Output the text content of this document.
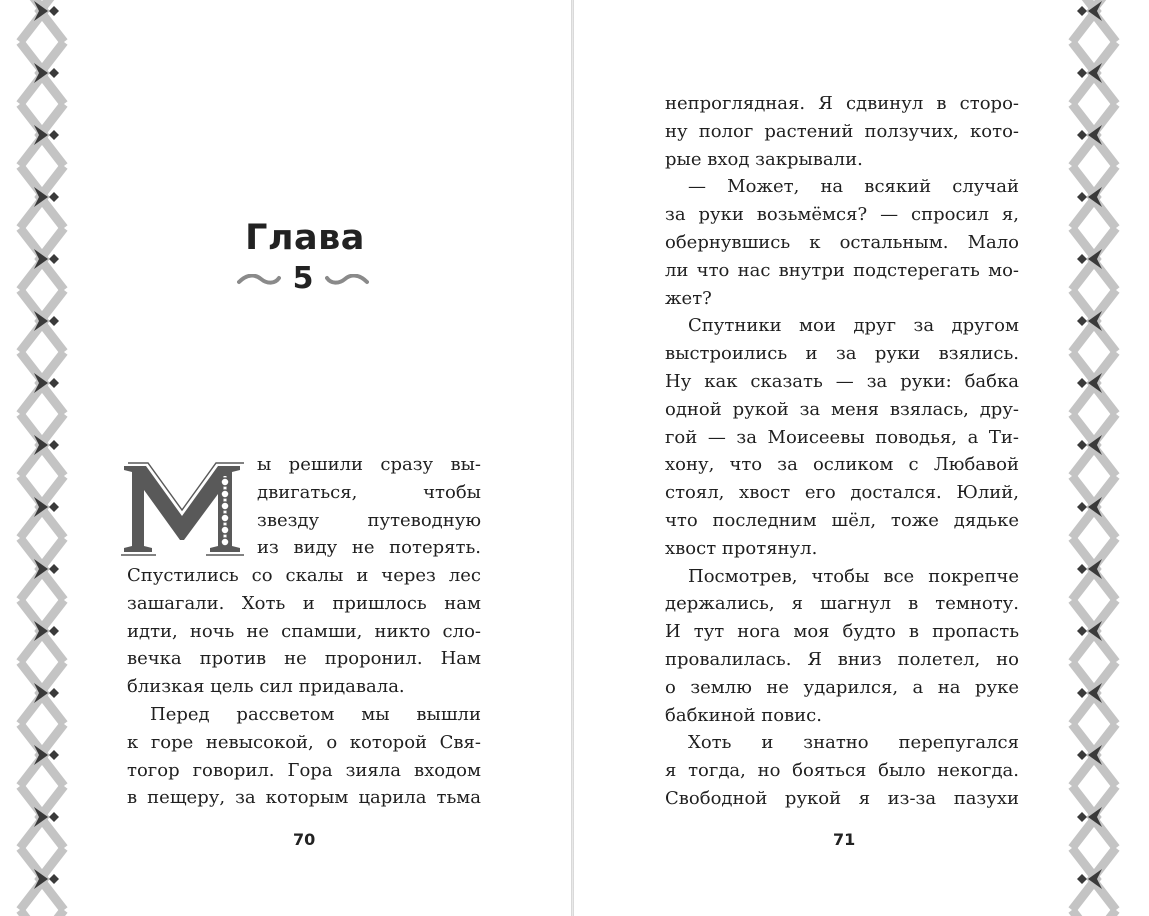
Глава
5
М	ы решили сразу вы-
двигаться, чтобы
звезду путеводную
из виду не потерять.
Спустились со скалы и через лес
зашагали. Хоть и пришлось нам
идти, ночь не спамши, никто сло-
вечка против не проронил. Нам
близкая цель сил придавала.
Перед рассветом мы вышли
к горе невысокой, о которой Свя-
тогор говорил. Гора зияла входом
в пещеру, за которым царила тьма
70
непроглядная. Я сдвинул в сторо-
ну полог растений ползучих, кото-
рые вход закрывали.
— Может, на всякий случай
за руки возьмёмся? — спросил я,
обернувшись к остальным. Мало
ли что нас внутри подстерегать мо-
жет?
Спутники мои друг за другом
выстроились и за руки взялись.
Ну как сказать — за руки: бабка
одной рукой за меня взялась, дру-
гой — за Моисеевы поводья, а Ти-
хону, что за осликом с Любавой
стоял, хвост его достался. Юлий,
что последним шёл, тоже дядьке
хвост протянул.
Посмотрев, чтобы все покрепче
держались, я шагнул в темноту.
И тут нога моя будто в пропасть
провалилась. Я вниз полетел, но
о землю не ударился, а на руке
бабкиной повис.
Хоть и знатно перепугался
я тогда, но бояться было некогда.
Свободной рукой я из-за пазухи
71
